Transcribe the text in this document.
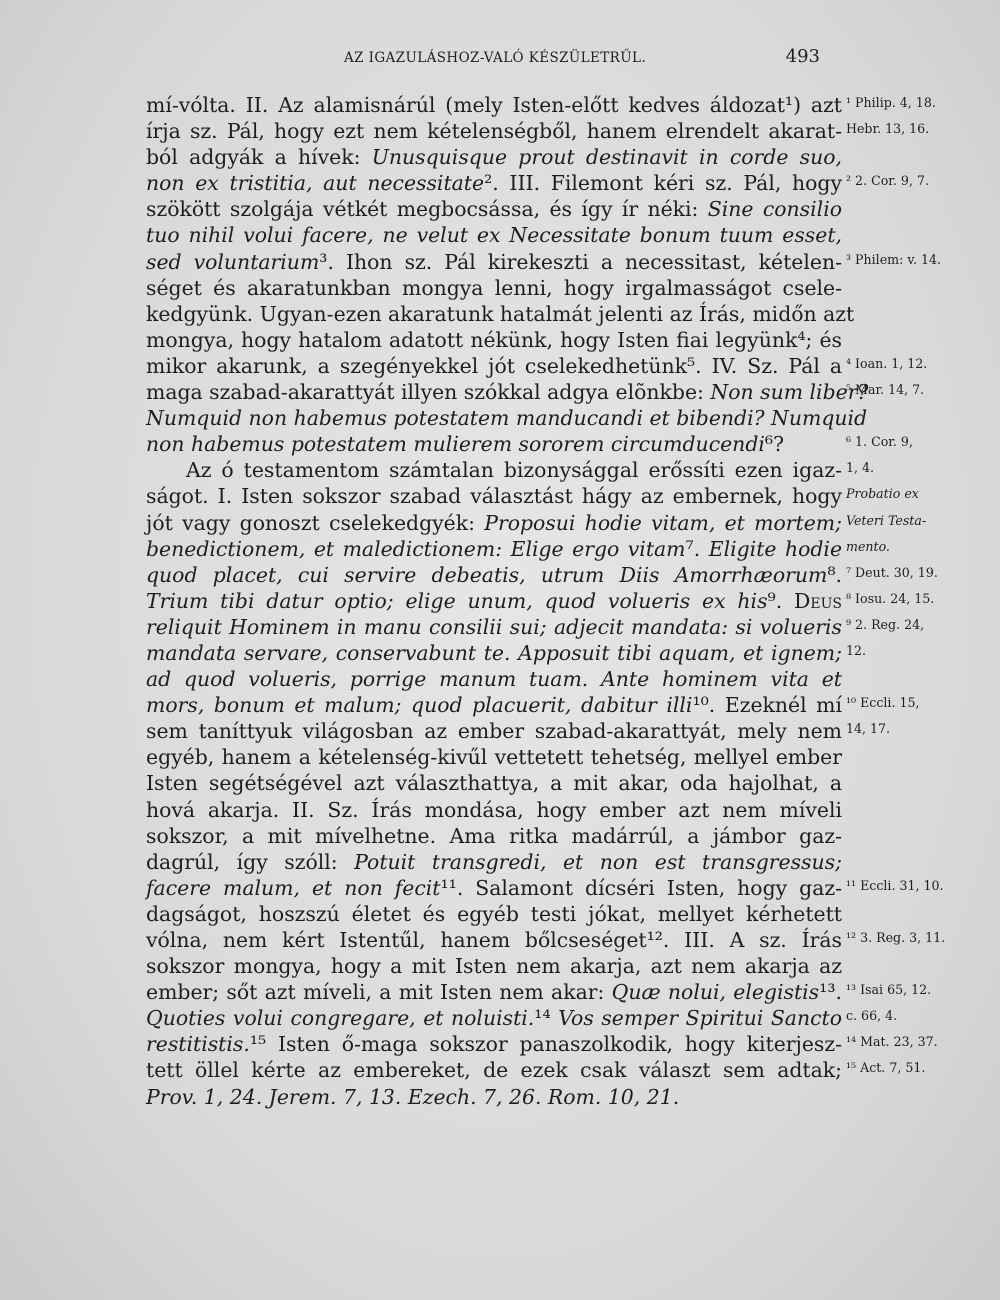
AZ IGAZULÁSHOZ-VALÓ KÉSZÜLETRŰL.	493
mí-vólta. II. Az alamisnárúl (mely Isten-előtt kedves áldozat¹) azt ¹ Philip. 4, 18.
írja sz. Pál, hogy ezt nem kételenségből, hanem elrendelt akarat- Hebr. 13, 16.
ból adgyák a hívek: Unusquisque prout destinavit in corde suo,
non ex tristitia, aut necessitate². III. Filemont kéri sz. Pál, hogy ² 2. Cor. 9, 7.
szökött szolgája vétkét megbocsássa, és így ír néki: Sine consilio
tuo nihil volui facere, ne velut ex Necessitate bonum tuum esset,
sed voluntarium³. Ihon sz. Pál kirekeszti a necessitast, kételen- ³ Philem: v. 14.
séget és akaratunkban mongya lenni, hogy irgalmasságot csele-
kedgyünk. Ugyan-ezen akaratunk hatalmát jelenti az Írás, midőn azt
mongya, hogy hatalom adatott nékünk, hogy Isten fiai legyünk⁴; és
mikor akarunk, a szegényekkel jót cselekedhetünk⁵. IV. Sz. Pál a ⁴ Ioan. 1, 12.
maga szabad-akarattyát illyen szókkal adgya elõnkbe: Non sum liber?
⁵ Mar. 14, 7.
Numquid non habemus potestatem manducandi et bibendi? Numquid
non habemus potestatem mulierem sororem circumducendi⁶?	⁶ 1. Cor. 9,
Az ó testamentom számtalan bizonysággal erőssíti ezen igaz- 1, 4.
ságot. I. Isten sokszor szabad választást hágy az embernek, hogy Probatio ex
jót vagy gonoszt cselekedgyék: Proposui hodie vitam, et mortem; Veteri Testa-
benedictionem, et maledictionem: Elige ergo vitam⁷. Eligite hodie mento.
quod placet, cui servire debeatis, utrum Diis Amorrhæorum⁸. ⁷ Deut. 30, 19.
Trium tibi datur optio; elige unum, quod volueris ex his⁹. Deus ⁸ Iosu. 24, 15.
reliquit Hominem in manu consilii sui; adjecit mandata: si volueris ⁹ 2. Reg. 24,
mandata servare, conservabunt te. Apposuit tibi aquam, et ignem; 12.
ad quod volueris, porrige manum tuam. Ante hominem vita et
mors, bonum et malum; quod placuerit, dabitur illi¹⁰. Ezeknél mí ¹⁰ Eccli. 15,
sem taníttyuk világosban az ember szabad-akarattyát, mely nem 14, 17.
egyéb, hanem a kételenség-kivűl vettetett tehetség, mellyel ember
Isten segétségével azt választhattya, a mit akar, oda hajolhat, a
hová akarja. II. Sz. Írás mondása, hogy ember azt nem míveli
sokszor, a mit mívelhetne. Ama ritka madárrúl, a jámbor gaz-
dagrúl, így szóll: Potuit transgredi, et non est transgressus;
facere malum, et non fecit¹¹. Salamont dícséri Isten, hogy gaz- ¹¹ Eccli. 31, 10.
dagságot, hoszszú életet és egyéb testi jókat, mellyet kérhetett
vólna, nem kért Istentűl, hanem bőlcseséget¹². III. A sz. Írás ¹² 3. Reg. 3, 11.
sokszor mongya, hogy a mit Isten nem akarja, azt nem akarja az
ember; sőt azt míveli, a mit Isten nem akar: Quæ nolui, elegistis¹³. ¹³ Isai 65, 12.
Quoties volui congregare, et noluisti.¹⁴ Vos semper Spiritui Sancto c. 66, 4.
restitistis.¹⁵ Isten ő-maga sokszor panaszolkodik, hogy kiterjesz- ¹⁴ Mat. 23, 37.
tett öllel kérte az embereket, de ezek csak választ sem adtak; ¹⁵ Act. 7, 51.
Prov. 1, 24. Jerem. 7, 13. Ezech. 7, 26. Rom. 10, 21.
